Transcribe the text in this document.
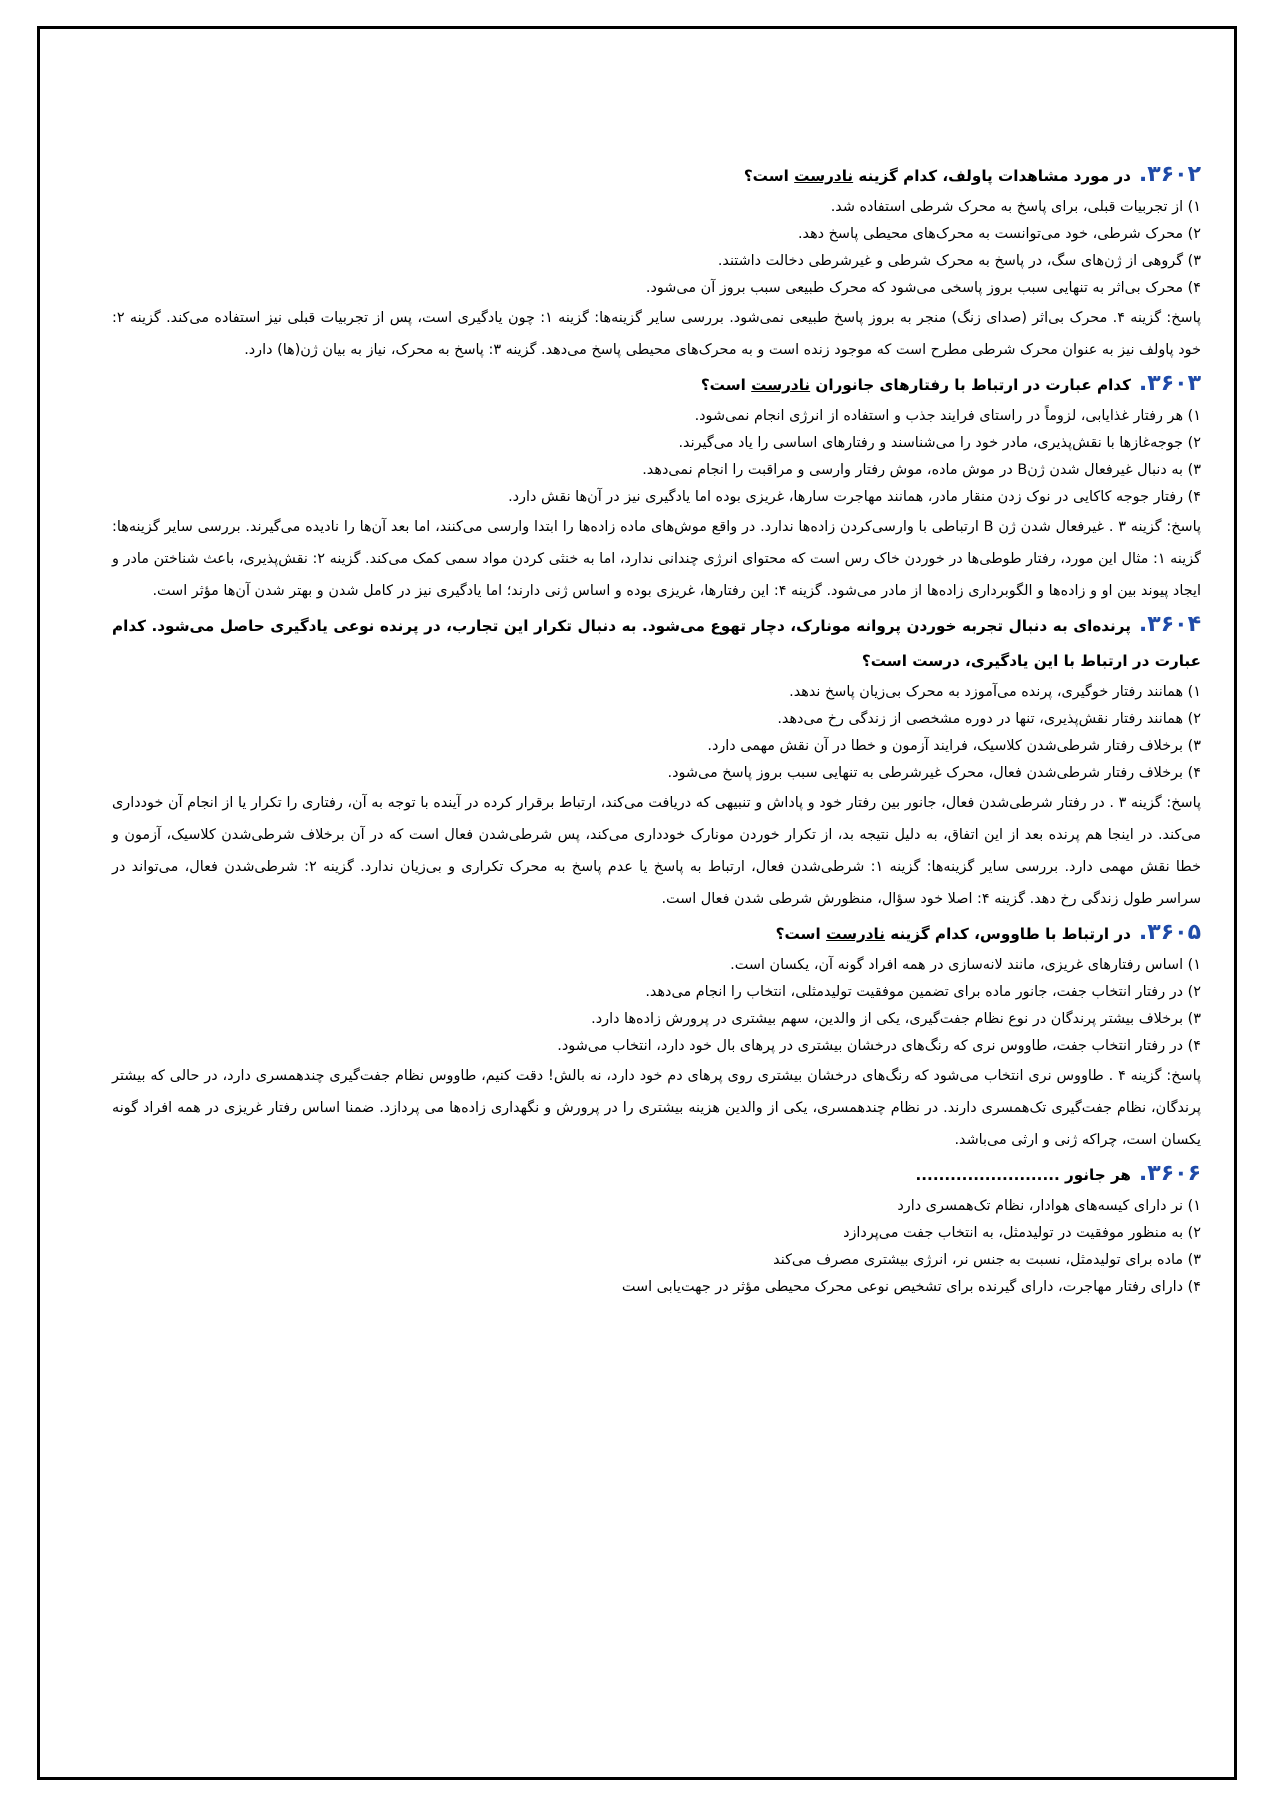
۳۶۰۲.در مورد مشاهدات پاولف، کدام گزینه نادرست است؟

۱) از تجربیات قبلی، برای پاسخ به محرک شرطی استفاده شد.

۲) محرک شرطی، خود می‌توانست به محرک‌های محیطی پاسخ دهد.

۳) گروهی از ژن‌های سگ، در پاسخ به محرک شرطی و غیرشرطی دخالت داشتند.

۴) محرک بی‌اثر به تنهایی سبب بروز پاسخی می‌شود که محرک طبیعی سبب بروز آن می‌شود.

پاسخ: گزینه ۴. محرک بی‌اثر (صدای زنگ) منجر به بروز پاسخ طبیعی نمی‌شود. بررسی سایر گزینه‌ها: گزینه ۱: چون یادگیری است، پس از تجربیات قبلی نیز استفاده می‌کند. گزینه ۲: خود پاولف نیز به عنوان محرک شرطی مطرح است که موجود زنده است و به محرک‌های محیطی پاسخ می‌دهد. گزینه ۳: پاسخ به محرک، نیاز به بیان ژن(ها) دارد.

۳۶۰۳.کدام عبارت در ارتباط با رفتارهای جانوران نادرست است؟

۱) هر رفتار غذایابی، لزوماً در راستای فرایند جذب و استفاده از انرژی انجام نمی‌شود.

۲) جوجه‌غازها با نقش‌پذیری، مادر خود را می‌شناسند و رفتارهای اساسی را یاد می‌گیرند.

۳) به دنبال غیرفعال شدن ژنB در موش ماده، موش رفتار وارسی و مراقبت را انجام نمی‌دهد.

۴) رفتار جوجه کاکایی در نوک زدن منقار مادر، همانند مهاجرت سارها، غریزی بوده اما یادگیری نیز در آن‌ها نقش دارد.

پاسخ: گزینه ۳ . غیرفعال شدن ژن B ارتباطی با وارسی‌کردن زاده‌ها ندارد. در واقع موش‌های ماده زاده‌ها را ابتدا وارسی می‌کنند، اما بعد آن‌ها را نادیده می‌گیرند. بررسی سایر گزینه‌ها: گزینه ۱: مثال این مورد، رفتار طوطی‌ها در خوردن خاک رس است که محتوای انرژی چندانی ندارد، اما به خنثی کردن مواد سمی کمک می‌کند. گزینه ۲: نقش‌پذیری، باعث شناختن مادر و ایجاد پیوند بین او و زاده‌ها و الگوبرداری زاده‌ها از مادر می‌شود. گزینه ۴: این رفتارها، غریزی بوده و اساس ژنی دارند؛ اما یادگیری نیز در کامل شدن و بهتر شدن آن‌ها مؤثر است.

۳۶۰۴.پرنده‌ای به دنبال تجربه خوردن پروانه مونارک، دچار تهوع می‌شود. به دنبال تکرار این تجارب، در پرنده نوعی یادگیری حاصل می‌شود. کدام عبارت در ارتباط با این یادگیری، درست است؟

۱) همانند رفتار خوگیری، پرنده می‌آموزد به محرک بی‌زیان پاسخ ندهد.

۲) همانند رفتار نقش‌پذیری، تنها در دوره مشخصی از زندگی رخ می‌دهد.

۳) برخلاف رفتار شرطی‌شدن کلاسیک، فرایند آزمون و خطا در آن نقش مهمی دارد.

۴) برخلاف رفتار شرطی‌شدن فعال، محرک غیرشرطی به تنهایی سبب بروز پاسخ می‌شود.

پاسخ: گزینه ۳ . در رفتار شرطی‌شدن فعال، جانور بین رفتار خود و پاداش و تنبیهی که دریافت می‌کند، ارتباط برقرار کرده در آینده با توجه به آن، رفتاری را تکرار یا از انجام آن خودداری می‌کند. در اینجا هم پرنده بعد از این اتفاق، به دلیل نتیجه بد، از تکرار خوردن مونارک خودداری می‌کند، پس شرطی‌شدن فعال است که در آن برخلاف شرطی‌شدن کلاسیک، آزمون و خطا نقش مهمی دارد. بررسی سایر گزینه‌ها: گزینه ۱: شرطی‌شدن فعال، ارتباط به پاسخ یا عدم پاسخ به محرک تکراری و بی‌زیان ندارد. گزینه ۲: شرطی‌شدن فعال، می‌تواند در سراسر طول زندگی رخ دهد. گزینه ۴: اصلا خود سؤال، منظورش شرطی شدن فعال است.

۳۶۰۵.در ارتباط با طاووس، کدام گزینه نادرست است؟

۱) اساس رفتارهای غریزی، مانند لانه‌سازی در همه افراد گونه آن، یکسان است.

۲) در رفتار انتخاب جفت، جانور ماده برای تضمین موفقیت تولیدمثلی، انتخاب را انجام می‌دهد.

۳) برخلاف بیشتر پرندگان در نوع نظام جفت‌گیری، یکی از والدین، سهم بیشتری در پرورش زاده‌ها دارد.

۴) در رفتار انتخاب جفت، طاووس نری که رنگ‌های درخشان بیشتری در پرهای بال خود دارد، انتخاب می‌شود.

پاسخ: گزینه ۴ . طاووس نری انتخاب می‌شود که رنگ‌های درخشان بیشتری روی پرهای دم خود دارد، نه بالش! دقت کنیم، طاووس نظام جفت‌گیری چندهمسری دارد، در حالی که بیشتر پرندگان، نظام جفت‌گیری تک‌همسری دارند. در نظام چندهمسری، یکی از والدین هزینه بیشتری را در پرورش و نگهداری زاده‌ها می پردازد. ضمنا اساس رفتار غریزی در همه افراد گونه یکسان است، چراکه ژنی و ارثی می‌باشد.

۳۶۰۶.هر جانور .........................

۱) نر دارای کیسه‌های هوادار، نظام تک‌همسری دارد

۲) به منظور موفقیت در تولیدمثل، به انتخاب جفت می‌پردازد

۳) ماده برای تولیدمثل، نسبت به جنس نر، انرژی بیشتری مصرف می‌کند

۴) دارای رفتار مهاجرت، دارای گیرنده برای تشخیص نوعی محرک محیطی مؤثر در جهت‌یابی است
